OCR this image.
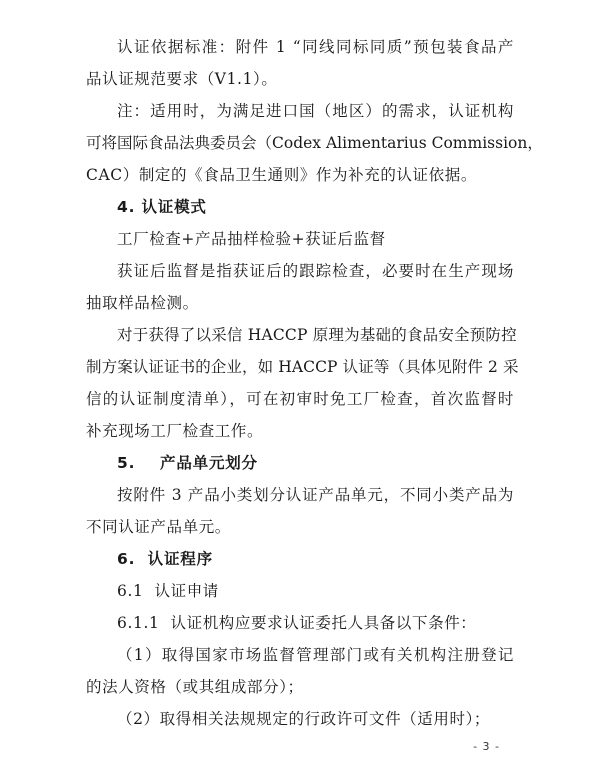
认证依据标准：附件 1 “同线同标同质”预包装食品产
品认证规范要求（V1.1）。
注：适用时，为满足进口国（地区）的需求，认证机构
可将国际食品法典委员会（Codex Alimentarius Commission，
CAC）制定的《食品卫生通则》作为补充的认证依据。
4. 认证模式
工厂检查+产品抽样检验+获证后监督
获证后监督是指获证后的跟踪检查，必要时在生产现场
抽取样品检测。
对于获得了以采信 HACCP 原理为基础的食品安全预防控
制方案认证证书的企业，如 HACCP 认证等（具体见附件 2 采
信的认证制度清单），可在初审时免工厂检查，首次监督时
补充现场工厂检查工作。
5.    产品单元划分
按附件 3 产品小类划分认证产品单元，不同小类产品为
不同认证产品单元。
6.  认证程序
6.1  认证申请
6.1.1  认证机构应要求认证委托人具备以下条件：
（1）取得国家市场监督管理部门或有关机构注册登记
的法人资格（或其组成部分）；
（2）取得相关法规规定的行政许可文件（适用时）；
- 3 -
